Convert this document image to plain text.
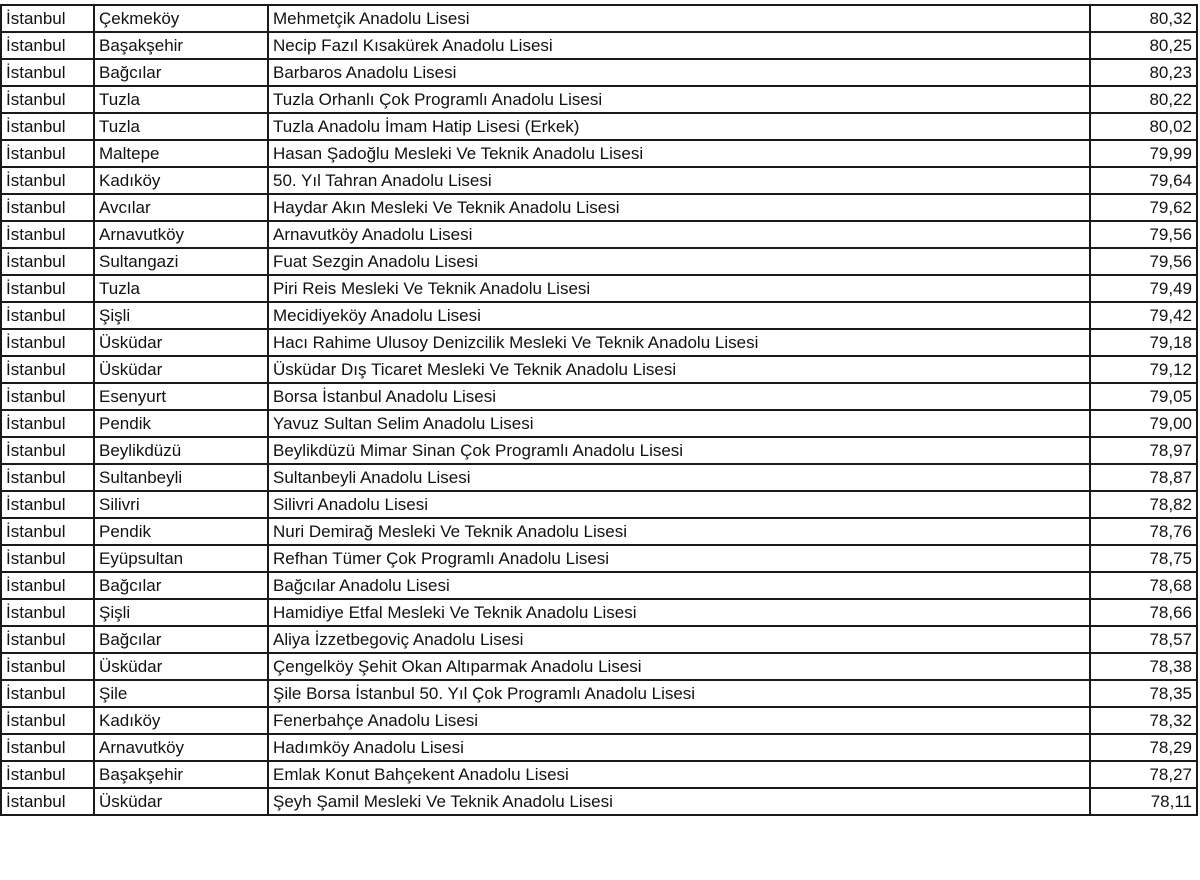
İstanbul	Çekmeköy	Mehmetçik Anadolu Lisesi	80,32
İstanbul	Başakşehir	Necip Fazıl Kısakürek Anadolu Lisesi	80,25
İstanbul	Bağcılar	Barbaros Anadolu Lisesi	80,23
İstanbul	Tuzla	Tuzla Orhanlı Çok Programlı Anadolu Lisesi	80,22
İstanbul	Tuzla	Tuzla Anadolu İmam Hatip Lisesi (Erkek)	80,02
İstanbul	Maltepe	Hasan Şadoğlu Mesleki Ve Teknik Anadolu Lisesi	79,99
İstanbul	Kadıköy	50. Yıl Tahran Anadolu Lisesi	79,64
İstanbul	Avcılar	Haydar Akın Mesleki Ve Teknik Anadolu Lisesi	79,62
İstanbul	Arnavutköy	Arnavutköy Anadolu Lisesi	79,56
İstanbul	Sultangazi	Fuat Sezgin Anadolu Lisesi	79,56
İstanbul	Tuzla	Piri Reis Mesleki Ve Teknik Anadolu Lisesi	79,49
İstanbul	Şişli	Mecidiyeköy Anadolu Lisesi	79,42
İstanbul	Üsküdar	Hacı Rahime Ulusoy Denizcilik Mesleki Ve Teknik Anadolu Lisesi	79,18
İstanbul	Üsküdar	Üsküdar Dış Ticaret Mesleki Ve Teknik Anadolu Lisesi	79,12
İstanbul	Esenyurt	Borsa İstanbul Anadolu Lisesi	79,05
İstanbul	Pendik	Yavuz Sultan Selim Anadolu Lisesi	79,00
İstanbul	Beylikdüzü	Beylikdüzü Mimar Sinan Çok Programlı Anadolu Lisesi	78,97
İstanbul	Sultanbeyli	Sultanbeyli Anadolu Lisesi	78,87
İstanbul	Silivri	Silivri Anadolu Lisesi	78,82
İstanbul	Pendik	Nuri Demirağ Mesleki Ve Teknik Anadolu Lisesi	78,76
İstanbul	Eyüpsultan	Refhan Tümer Çok Programlı Anadolu Lisesi	78,75
İstanbul	Bağcılar	Bağcılar Anadolu Lisesi	78,68
İstanbul	Şişli	Hamidiye Etfal Mesleki Ve Teknik Anadolu Lisesi	78,66
İstanbul	Bağcılar	Aliya İzzetbegoviç Anadolu Lisesi	78,57
İstanbul	Üsküdar	Çengelköy Şehit Okan Altıparmak Anadolu Lisesi	78,38
İstanbul	Şile	Şile Borsa İstanbul 50. Yıl Çok Programlı Anadolu Lisesi	78,35
İstanbul	Kadıköy	Fenerbahçe Anadolu Lisesi	78,32
İstanbul	Arnavutköy	Hadımköy Anadolu Lisesi	78,29
İstanbul	Başakşehir	Emlak Konut Bahçekent Anadolu Lisesi	78,27
İstanbul	Üsküdar	Şeyh Şamil Mesleki Ve Teknik Anadolu Lisesi	78,11
